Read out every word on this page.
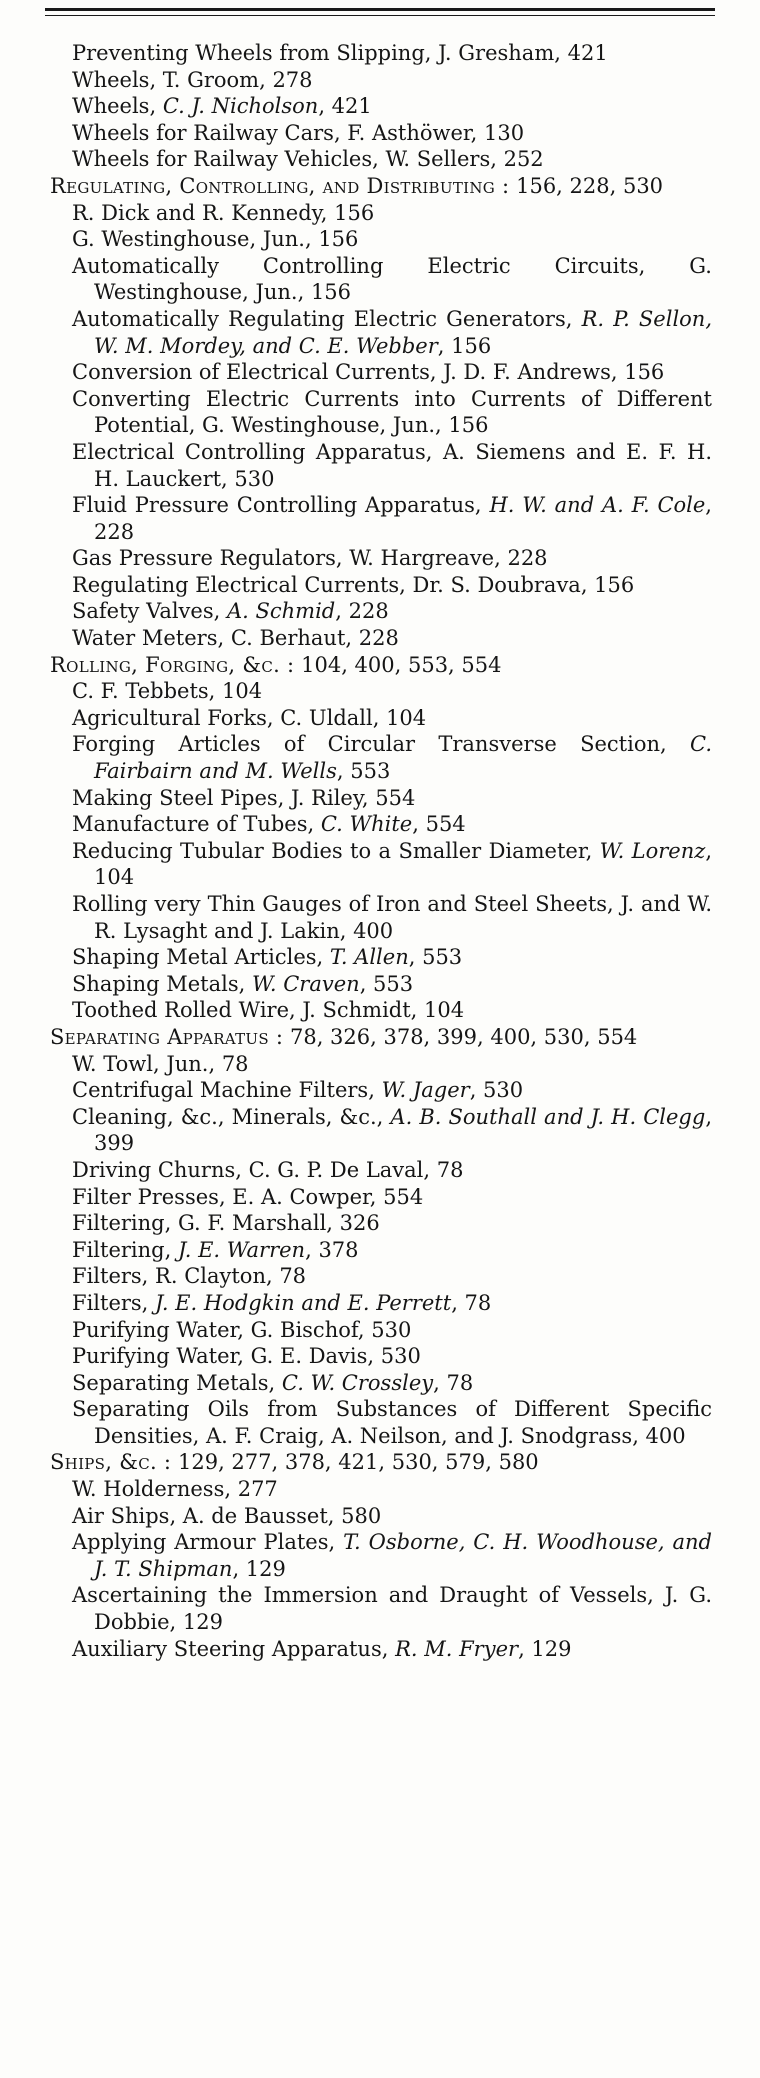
Preventing Wheels from Slipping, J. Gresham, 421

Wheels, T. Groom, 278

Wheels, C. J. Nicholson, 421

Wheels for Railway Cars, F. Asthöwer, 130

Wheels for Railway Vehicles, W. Sellers, 252

Regulating, Controlling, and Distributing : 156, 228, 530

R. Dick and R. Kennedy, 156

G. Westinghouse, Jun., 156

Automatically Controlling Electric Circuits, G. Westinghouse, Jun., 156

Automatically Regulating Electric Generators, R. P. Sellon, W. M. Mordey, and C. E. Webber, 156

Conversion of Electrical Currents, J. D. F. Andrews, 156

Converting Electric Currents into Currents of Different Potential, G. Westinghouse, Jun., 156

Electrical Controlling Apparatus, A. Siemens and E. F. H. H. Lauckert, 530

Fluid Pressure Controlling Apparatus, H. W. and A. F. Cole, 228

Gas Pressure Regulators, W. Hargreave, 228

Regulating Electrical Currents, Dr. S. Doubrava, 156

Safety Valves, A. Schmid, 228

Water Meters, C. Berhaut, 228

Rolling, Forging, &c. : 104, 400, 553, 554

C. F. Tebbets, 104

Agricultural Forks, C. Uldall, 104

Forging Articles of Circular Transverse Section, C. Fairbairn and M. Wells, 553

Making Steel Pipes, J. Riley, 554

Manufacture of Tubes, C. White, 554

Reducing Tubular Bodies to a Smaller Diameter, W. Lorenz, 104

Rolling very Thin Gauges of Iron and Steel Sheets, J. and W. R. Lysaght and J. Lakin, 400

Shaping Metal Articles, T. Allen, 553

Shaping Metals, W. Craven, 553

Toothed Rolled Wire, J. Schmidt, 104

Separating Apparatus : 78, 326, 378, 399, 400, 530, 554

W. Towl, Jun., 78

Centrifugal Machine Filters, W. Jager, 530

Cleaning, &c., Minerals, &c., A. B. Southall and J. H. Clegg, 399

Driving Churns, C. G. P. De Laval, 78

Filter Presses, E. A. Cowper, 554

Filtering, G. F. Marshall, 326

Filtering, J. E. Warren, 378

Filters, R. Clayton, 78

Filters, J. E. Hodgkin and E. Perrett, 78

Purifying Water, G. Bischof, 530

Purifying Water, G. E. Davis, 530

Separating Metals, C. W. Crossley, 78

Separating Oils from Substances of Different Specific Densities, A. F. Craig, A. Neilson, and J. Snodgrass, 400

Ships, &c. : 129, 277, 378, 421, 530, 579, 580

W. Holderness, 277

Air Ships, A. de Bausset, 580

Applying Armour Plates, T. Osborne, C. H. Woodhouse, and J. T. Shipman, 129

Ascertaining the Immersion and Draught of Vessels, J. G. Dobbie, 129

Auxiliary Steering Apparatus, R. M. Fryer, 129
